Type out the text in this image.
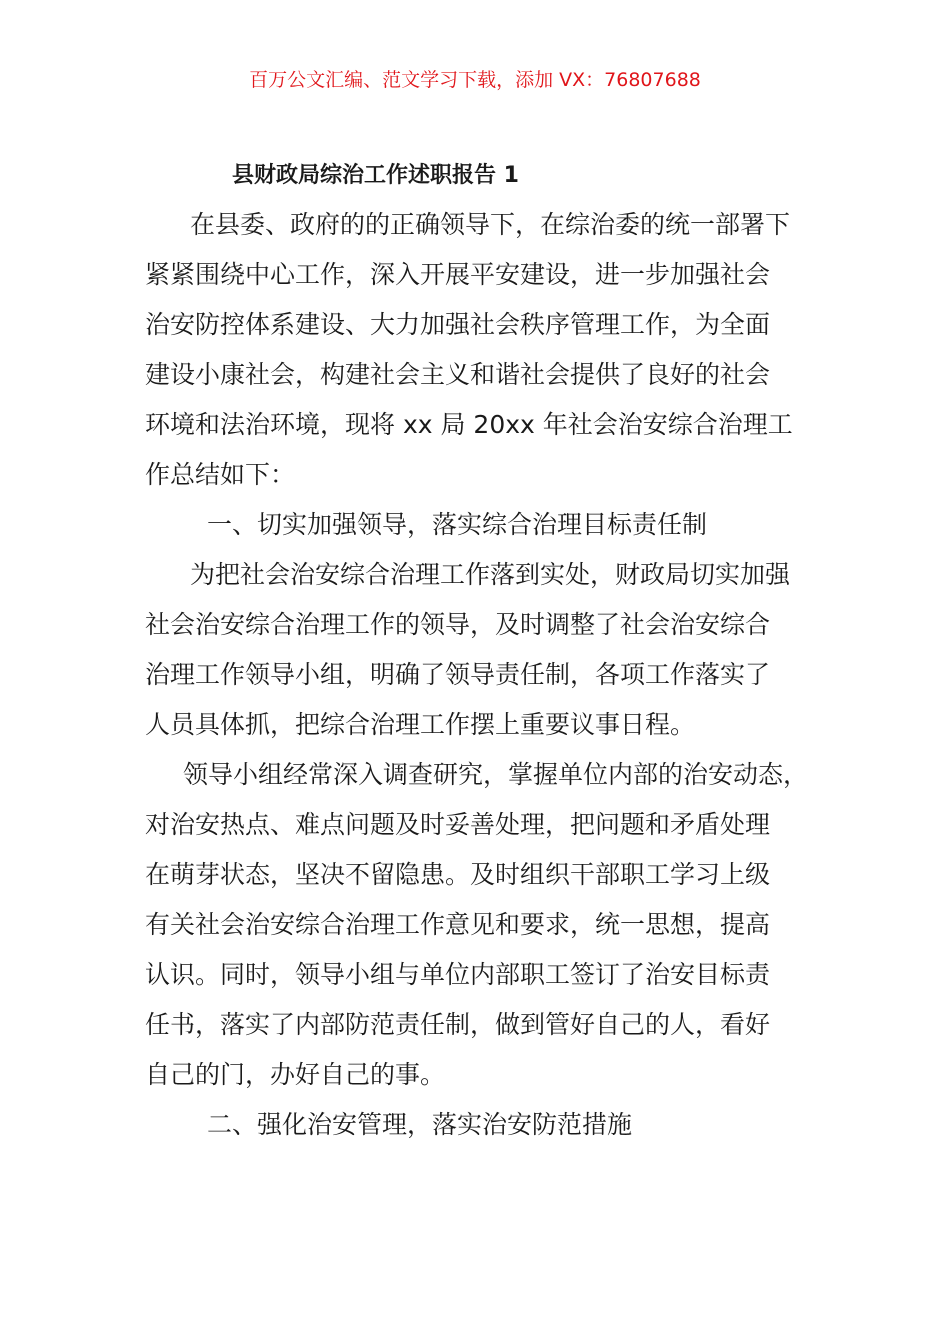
百万公文汇编、范文学习下载，添加 VX：76807688
县财政局综治工作述职报告 1
在县委、政府的的正确领导下，在综治委的统一部署下
紧紧围绕中心工作，深入开展平安建设，进一步加强社会
治安防控体系建设、大力加强社会秩序管理工作，为全面
建设小康社会，构建社会主义和谐社会提供了良好的社会
环境和法治环境，现将 xx 局 20xx 年社会治安综合治理工
作总结如下：
一、切实加强领导，落实综合治理目标责任制
为把社会治安综合治理工作落到实处，财政局切实加强
社会治安综合治理工作的领导，及时调整了社会治安综合
治理工作领导小组，明确了领导责任制，各项工作落实了
人员具体抓，把综合治理工作摆上重要议事日程。
领导小组经常深入调查研究，掌握单位内部的治安动态，
对治安热点、难点问题及时妥善处理，把问题和矛盾处理
在萌芽状态，坚决不留隐患。及时组织干部职工学习上级
有关社会治安综合治理工作意见和要求，统一思想，提高
认识。同时，领导小组与单位内部职工签订了治安目标责
任书，落实了内部防范责任制，做到管好自己的人，看好
自己的门，办好自己的事。
二、强化治安管理，落实治安防范措施
